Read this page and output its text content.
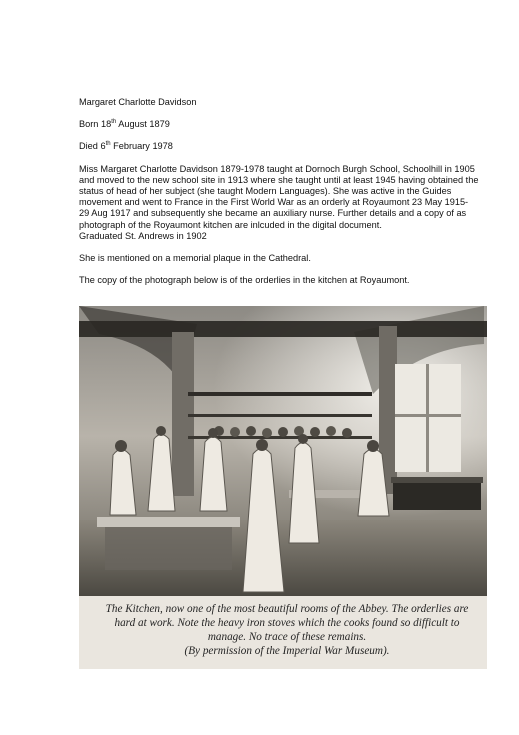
Margaret Charlotte Davidson

Born 18th August 1879

Died 6th February 1978

Miss Margaret Charlotte Davidson 1879-1978 taught at Dornoch Burgh School, Schoolhill in 1905 and moved to the new school site in 1913 where she taught until at least 1945 having obtained the status of head of her subject (she taught Modern Languages). She was active in the Guides movement and went to France in the First World War as an orderly at Royaumont 23 May 1915- 29 Aug 1917 and subsequently she became an auxiliary nurse. Further details and a copy of as photograph of the Royaumont kitchen are inlcuded in the digital document.
Graduated St. Andrews in 1902

She is mentioned on a memorial plaque in the Cathedral.

The copy of the photograph below is of the orderlies in the kitchen at Royaumont.

The Kitchen, now one of the most beautiful rooms of the Abbey. The orderlies are hard at work. Note the heavy iron stoves which the cooks found so difficult to manage. No trace of these remains.
(By permission of the Imperial War Museum).
